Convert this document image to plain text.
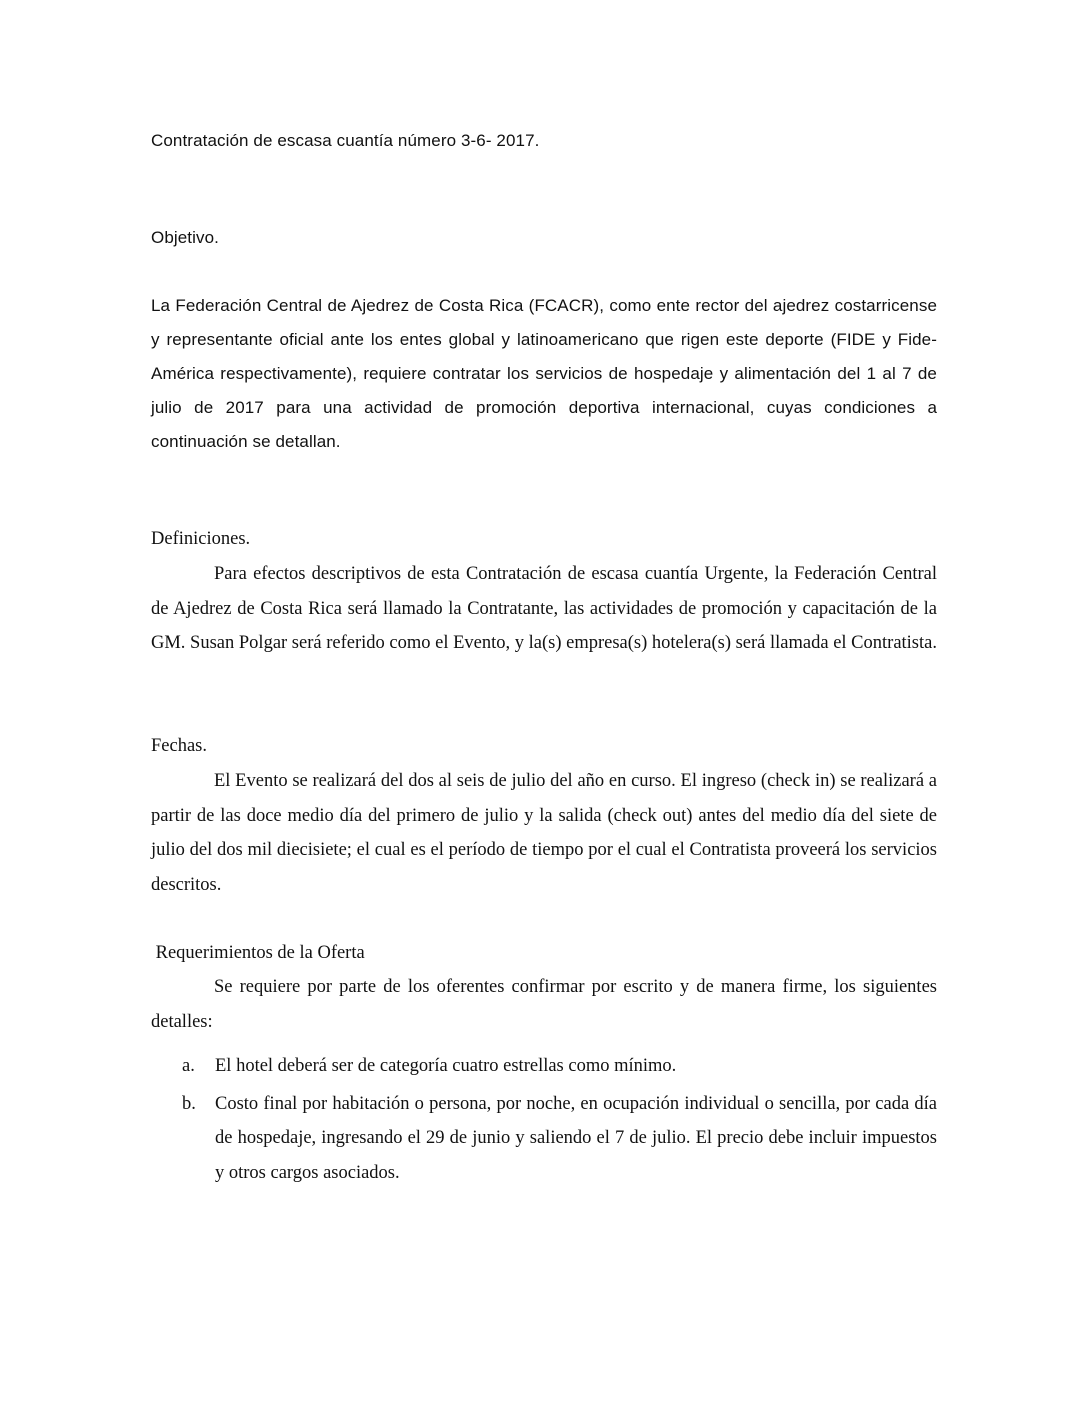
Contratación de escasa cuantía número 3-6- 2017.

Objetivo.

La Federación Central de Ajedrez de Costa Rica (FCACR), como ente rector del ajedrez costarricense y representante oficial ante los entes global y latinoamericano que rigen este deporte (FIDE y Fide-América respectivamente), requiere contratar los servicios de hospedaje y alimentación del 1 al 7 de julio de 2017 para una actividad de promoción deportiva internacional, cuyas condiciones a continuación se detallan.

Definiciones.

Para efectos descriptivos de esta Contratación de escasa cuantía Urgente, la Federación Central de Ajedrez de Costa Rica será llamado la Contratante, las actividades de promoción y capacitación de la GM. Susan Polgar será referido como el Evento, y la(s) empresa(s) hotelera(s) será llamada el Contratista.

Fechas.

El Evento se realizará del dos al seis de julio del año en curso. El ingreso (check in) se realizará a partir de las doce medio día del primero de julio y la salida (check out) antes del medio día del siete de julio del dos mil diecisiete; el cual es el período de tiempo por el cual el Contratista proveerá los servicios descritos.

Requerimientos de la Oferta

Se requiere por parte de los oferentes confirmar por escrito y de manera firme, los siguientes detalles:

a. El hotel deberá ser de categoría cuatro estrellas como mínimo.
b. Costo final por habitación o persona, por noche, en ocupación individual o sencilla, por cada día de hospedaje, ingresando el 29 de junio y saliendo el 7 de julio. El precio debe incluir impuestos y otros cargos asociados.
